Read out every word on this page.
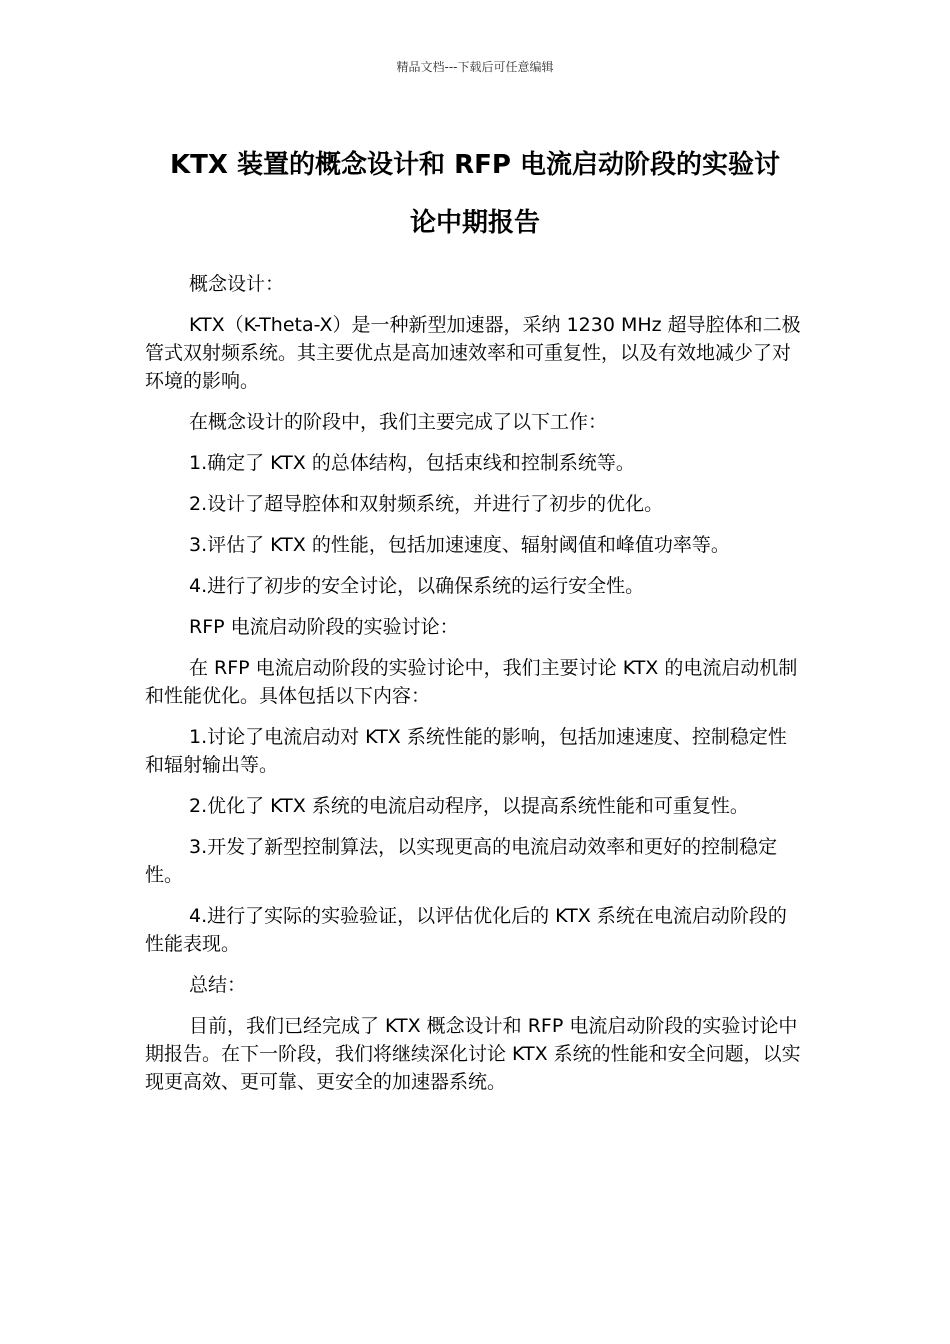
精品文档---下载后可任意编辑
KTX 装置的概念设计和 RFP 电流启动阶段的实验讨
论中期报告

概念设计：

KTX（K-Theta-X）是一种新型加速器，采纳 1230 MHz 超导腔体和二极管式双射频系统。其主要优点是高加速效率和可重复性，以及有效地减少了对环境的影响。

在概念设计的阶段中，我们主要完成了以下工作：

1.确定了 KTX 的总体结构，包括束线和控制系统等。

2.设计了超导腔体和双射频系统，并进行了初步的优化。

3.评估了 KTX 的性能，包括加速速度、辐射阈值和峰值功率等。

4.进行了初步的安全讨论，以确保系统的运行安全性。

RFP 电流启动阶段的实验讨论：

在 RFP 电流启动阶段的实验讨论中，我们主要讨论 KTX 的电流启动机制和性能优化。具体包括以下内容：

1.讨论了电流启动对 KTX 系统性能的影响，包括加速速度、控制稳定性和辐射输出等。

2.优化了 KTX 系统的电流启动程序，以提高系统性能和可重复性。

3.开发了新型控制算法，以实现更高的电流启动效率和更好的控制稳定性。

4.进行了实际的实验验证，以评估优化后的 KTX 系统在电流启动阶段的性能表现。

总结：

目前，我们已经完成了 KTX 概念设计和 RFP 电流启动阶段的实验讨论中期报告。在下一阶段，我们将继续深化讨论 KTX 系统的性能和安全问题，以实现更高效、更可靠、更安全的加速器系统。
